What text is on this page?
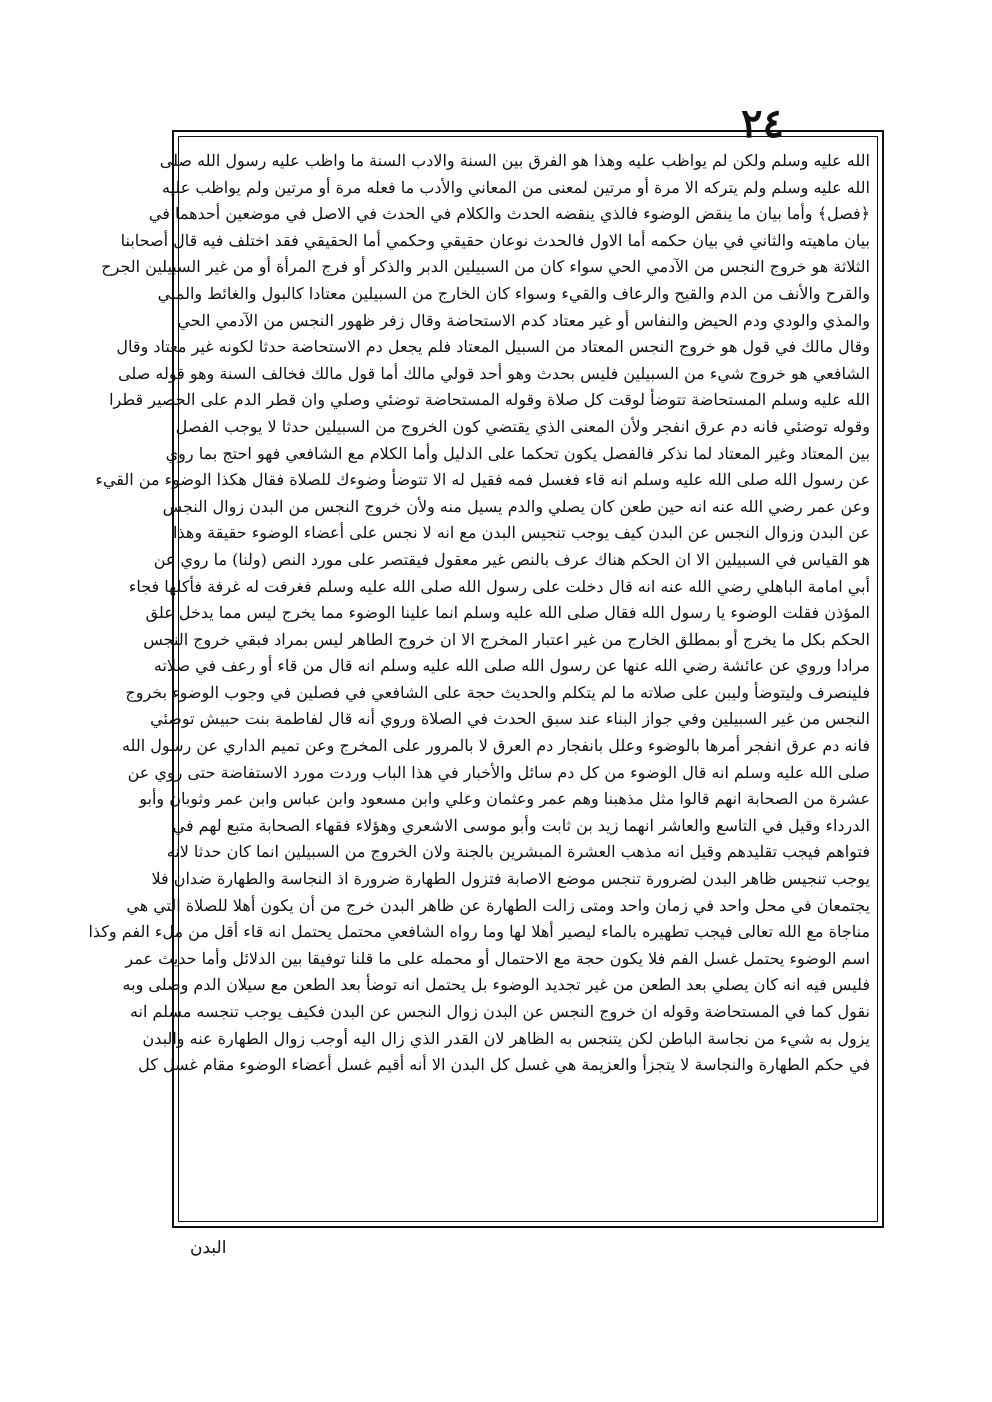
٢٤
الله عليه وسلم ولكن لم يواظب عليه وهذا هو الفرق بين السنة والادب السنة ما واظب عليه رسول الله صلى
الله عليه وسلم ولم يتركه الا مرة أو مرتين لمعنى من المعاني والأدب ما فعله مرة أو مرتين ولم يواظب عليه
﴿فصل﴾ وأما بيان ما ينقض الوضوء فالذي ينقضه الحدث والكلام في الحدث في الاصل في موضعين أحدهما في
بيان ماهيته والثاني في بيان حكمه أما الاول فالحدث نوعان حقيقي وحكمي أما الحقيقي فقد اختلف فيه قال أصحابنا
الثلاثة هو خروج النجس من الآدمي الحي سواء كان من السبيلين الدبر والذكر أو فرج المرأة أو من غير السبيلين الجرح
والقرح والأنف من الدم والقيح والرعاف والقيء وسواء كان الخارج من السبيلين معتادا كالبول والغائط والمني
والمذي والودي ودم الحيض والنفاس أو غير معتاد كدم الاستحاضة وقال زفر ظهور النجس من الآدمي الحي
وقال مالك في قول هو خروج النجس المعتاد من السبيل المعتاد فلم يجعل دم الاستحاضة حدثا لكونه غير معتاد وقال
الشافعي هو خروج شيء من السبيلين فليس بحدث وهو أحد قولي مالك أما قول مالك فخالف السنة وهو قوله صلى
الله عليه وسلم المستحاضة تتوضأ لوقت كل صلاة وقوله المستحاضة توضئي وصلي وان قطر الدم على الحصير قطرا
وقوله توضئي فانه دم عرق انفجر ولأن المعنى الذي يقتضي كون الخروج من السبيلين حدثا لا يوجب الفصل
بين المعتاد وغير المعتاد لما نذكر فالفصل يكون تحكما على الدليل وأما الكلام مع الشافعي فهو احتج بما روي
عن رسول الله صلى الله عليه وسلم انه قاء فغسل فمه فقيل له الا تتوضأ وضوءك للصلاة فقال هكذا الوضوء من القيء
وعن عمر رضي الله عنه انه حين طعن كان يصلي والدم يسيل منه ولأن خروج النجس من البدن زوال النجس
عن البدن وزوال النجس عن البدن كيف يوجب تنجيس البدن مع انه لا نجس على أعضاء الوضوء حقيقة وهذا
هو القياس في السبيلين الا ان الحكم هناك عرف بالنص غير معقول فيقتصر على مورد النص (ولنا) ما روي عن
أبي امامة الباهلي رضي الله عنه انه قال دخلت على رسول الله صلى الله عليه وسلم فغرفت له غرفة فأكلها فجاء
المؤذن فقلت الوضوء يا رسول الله فقال صلى الله عليه وسلم انما علينا الوضوء مما يخرج ليس مما يدخل علق
الحكم بكل ما يخرج أو بمطلق الخارج من غير اعتبار المخرج الا ان خروج الطاهر ليس بمراد فبقي خروج النجس
مرادا وروي عن عائشة رضي الله عنها عن رسول الله صلى الله عليه وسلم انه قال من قاء أو رعف في صلاته
فلينصرف وليتوضأ وليبن على صلاته ما لم يتكلم والحديث حجة على الشافعي في فصلين في وجوب الوضوء بخروج
النجس من غير السبيلين وفي جواز البناء عند سبق الحدث في الصلاة وروي أنه قال لفاطمة بنت حبيش توضئي
فانه دم عرق انفجر أمرها بالوضوء وعلل بانفجار دم العرق لا بالمرور على المخرج وعن تميم الداري عن رسول الله
صلى الله عليه وسلم انه قال الوضوء من كل دم سائل والأخبار في هذا الباب وردت مورد الاستفاضة حتى روي عن
عشرة من الصحابة انهم قالوا مثل مذهبنا وهم عمر وعثمان وعلي وابن مسعود وابن عباس وابن عمر وثوبان وأبو
الدرداء وقيل في التاسع والعاشر انهما زيد بن ثابت وأبو موسى الاشعري وهؤلاء فقهاء الصحابة متبع لهم في
فتواهم فيجب تقليدهم وقيل انه مذهب العشرة المبشرين بالجنة ولان الخروج من السبيلين انما كان حدثا لانه
يوجب تنجيس ظاهر البدن لضرورة تنجس موضع الاصابة فتزول الطهارة ضرورة اذ النجاسة والطهارة ضدان فلا
يجتمعان في محل واحد في زمان واحد ومتى زالت الطهارة عن ظاهر البدن خرج من أن يكون أهلا للصلاة التي هي
مناجاة مع الله تعالى فيجب تطهيره بالماء ليصير أهلا لها وما رواه الشافعي محتمل يحتمل انه قاء أقل من ملء الفم وكذا
اسم الوضوء يحتمل غسل الفم فلا يكون حجة مع الاحتمال أو محمله على ما قلنا توفيقا بين الدلائل وأما حديث عمر
فليس فيه انه كان يصلي بعد الطعن من غير تجديد الوضوء بل يحتمل انه توضأ بعد الطعن مع سيلان الدم وصلى وبه
نقول كما في المستحاضة وقوله ان خروج النجس عن البدن زوال النجس عن البدن فكيف يوجب تنجسه مسلم انه
يزول به شيء من نجاسة الباطن لكن يتنجس به الظاهر لان القدر الذي زال اليه أوجب زوال الطهارة عنه والبدن
في حكم الطهارة والنجاسة لا يتجزأ والعزيمة هي غسل كل البدن الا أنه أقيم غسل أعضاء الوضوء مقام غسل كل
البدن
